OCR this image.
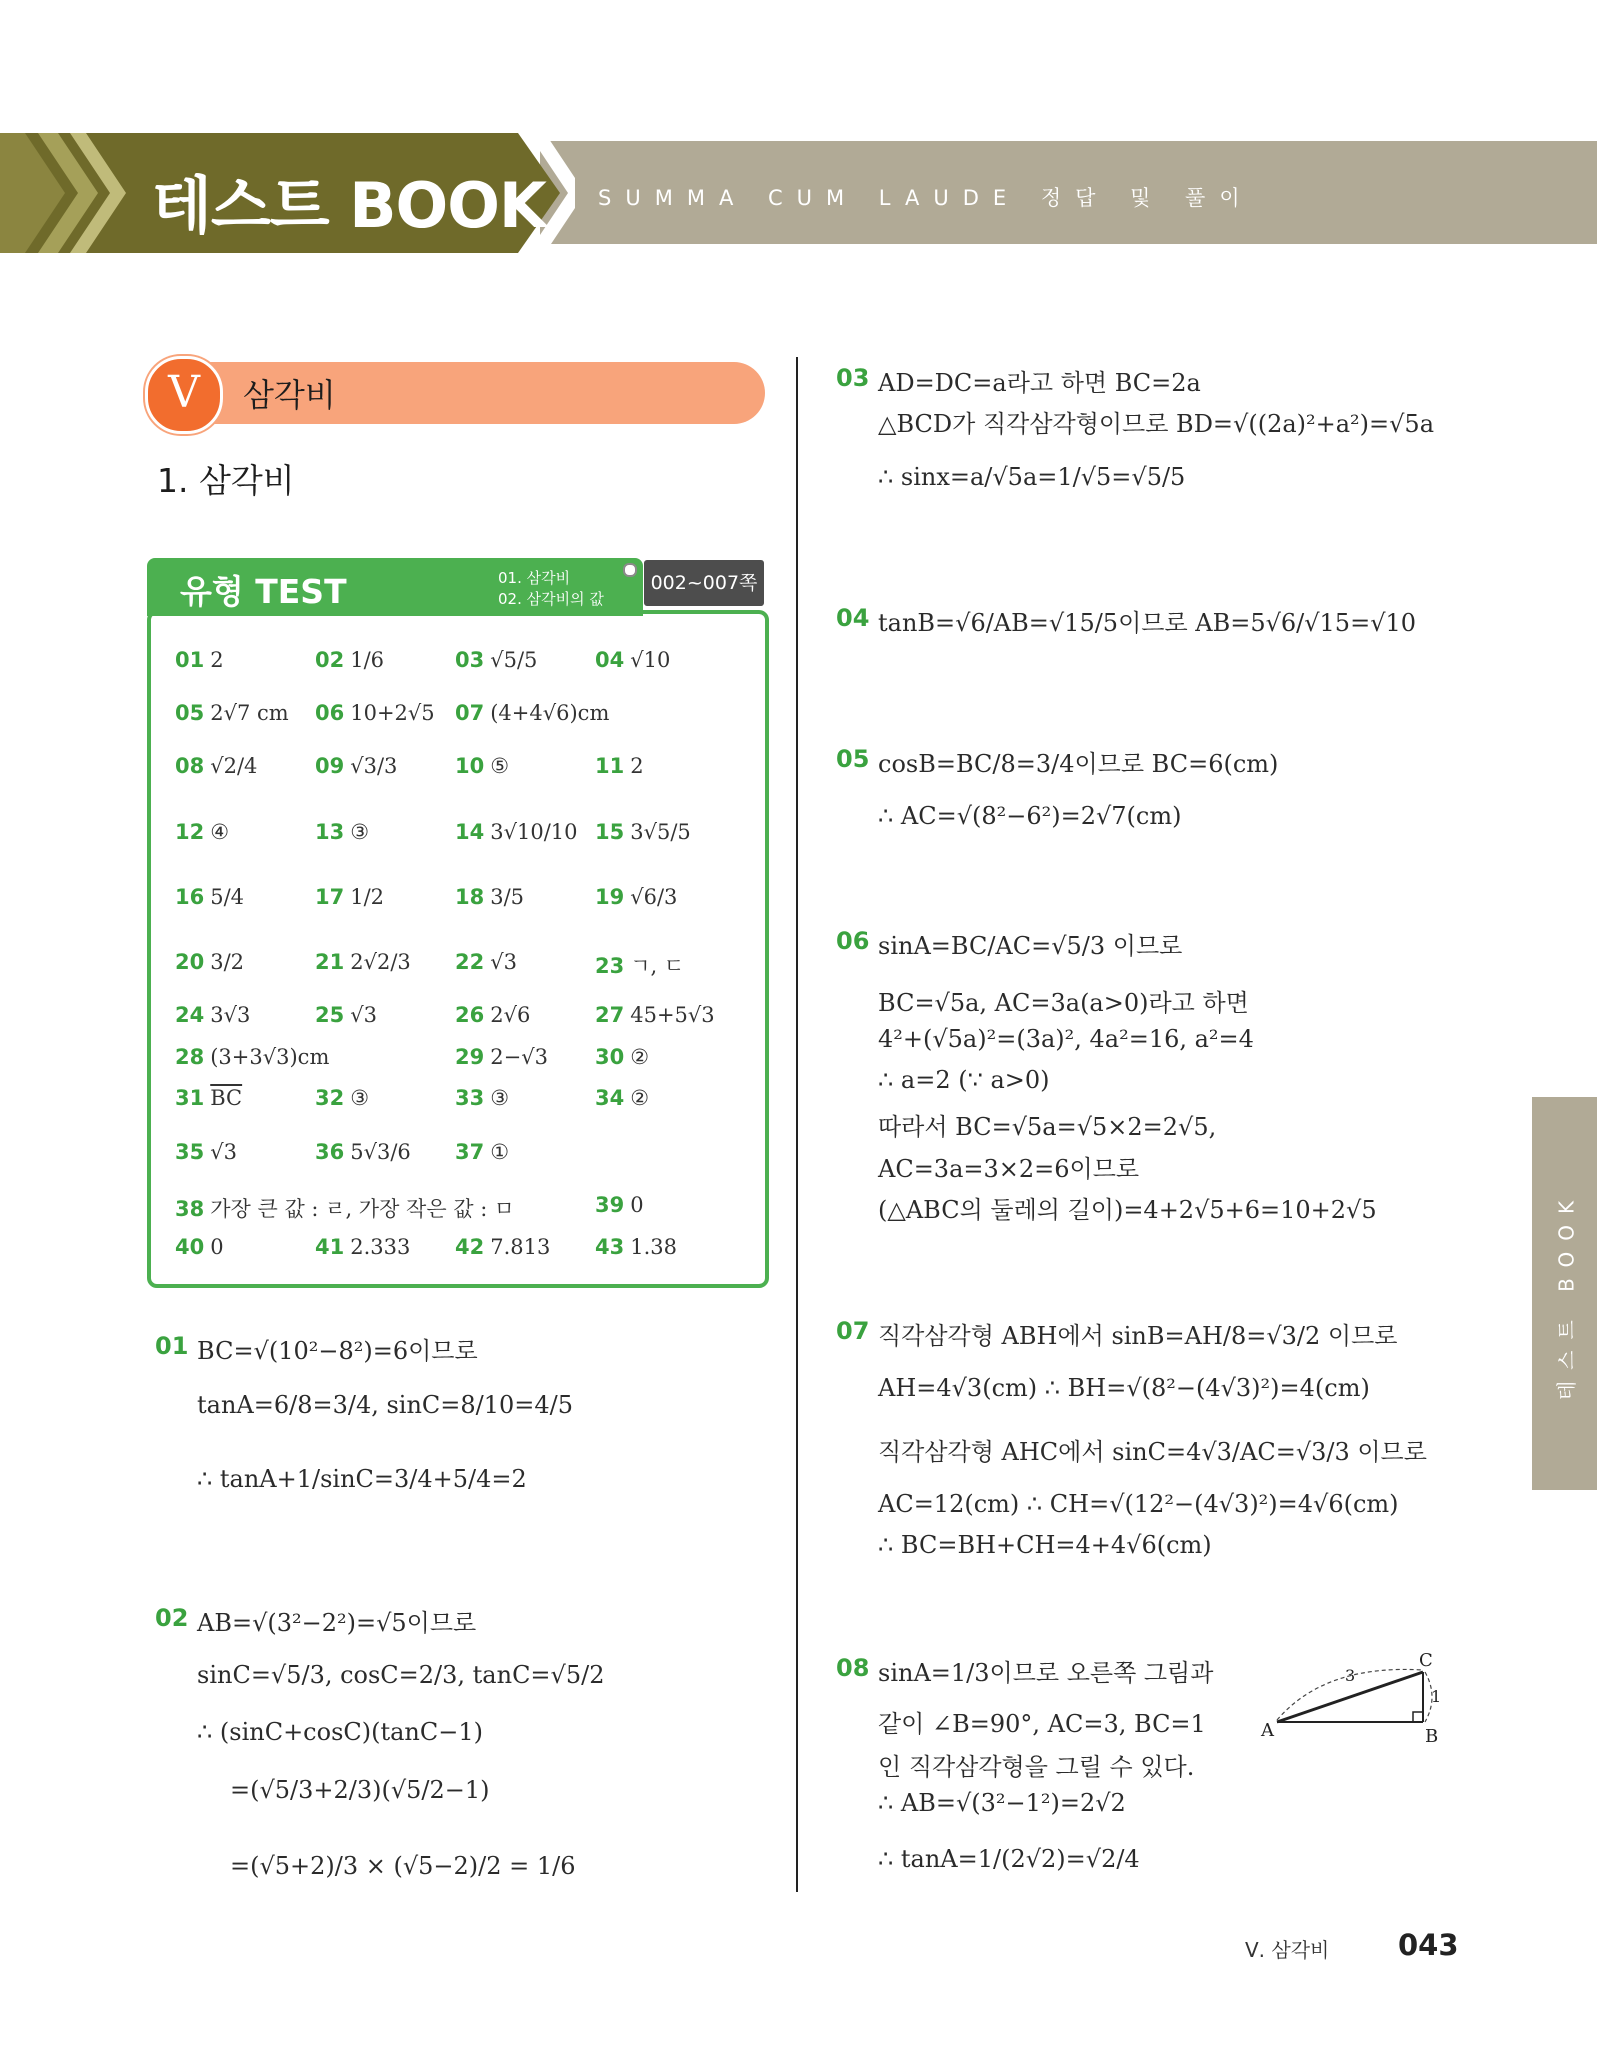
테스트 BOOK SUMMA CUM LAUDE 정답 및 풀이
V	삼각비
1. 삼각비
유형 TEST	01. 삼각비
02. 삼각비의 값
002~007쪽
01 2	02 1/6	03 √5/5	04 √10
05 2√7 cm 06 10+2√5 07 (4+4√6)cm
08 √2/4	09 √3/3	10 ⑤	11 2
12 ④	13 ③	14 3√10/10 15 3√5/5
16 5/4	17 1/2	18 3/5	19 √6/3
20 3/2	21 2√2/3 22 √3	23 ㄱ, ㄷ
24 3√3	25 √3	26 2√6	27 45+5√3
28 (3+3√3)cm	29 2−√3 30 ②
31 $\overline{BC}$	32 ③	33 ③	34 ②
35 √3	36 5√3/6 37 ①
38 가장 큰 값 : ㄹ, 가장 작은 값 : ㅁ	39 0
40 0	41 2.333 42 7.813 43 1.38
01 BC=√(10²−8²)=6이므로
tanA=6/8=3/4, sinC=8/10=4/5
∴ tanA+1/sinC=3/4+5/4=2
02 AB=√(3²−2²)=√5이므로
sinC=√5/3, cosC=2/3, tanC=√5/2
∴ (sinC+cosC)(tanC−1)
=(√5/3+2/3)(√5/2−1)
=(√5+2)/3 × (√5−2)/2 = 1/6
03 AD=DC=a라고 하면 BC=2a
△BCD가 직각삼각형이므로 BD=√((2a)²+a²)=√5a
∴ sinx=a/√5a=1/√5=√5/5
04 tanB=√6/AB=√15/5이므로 AB=5√6/√15=√10
05 cosB=BC/8=3/4이므로 BC=6(cm)
∴ AC=√(8²−6²)=2√7(cm)
06 sinA=BC/AC=√5/3 이므로
BC=√5a, AC=3a(a>0)라고 하면
4²+(√5a)²=(3a)², 4a²=16, a²=4
∴ a=2 (∵ a>0)
따라서 BC=√5a=√5×2=2√5,
AC=3a=3×2=6이므로
(△ABC의 둘레의 길이)=4+2√5+6=10+2√5
07 직각삼각형 ABH에서 sinB=AH/8=√3/2 이므로
AH=4√3(cm) ∴ BH=√(8²−(4√3)²)=4(cm)
직각삼각형 AHC에서 sinC=4√3/AC=√3/3 이므로
AC=12(cm) ∴ CH=√(12²−(4√3)²)=4√6(cm)
∴ BC=BH+CH=4+4√6(cm)
08 sinA=1/3이므로 오른쪽 그림과
같이 ∠B=90°, AC=3, BC=1
인 직각삼각형을 그릴 수 있다.
∴ AB=√(3²−1²)=2√2
∴ tanA=1/(2√2)=√2/4
A	B
C
3
1
테스트 BOOK
Ⅴ. 삼각비 043
